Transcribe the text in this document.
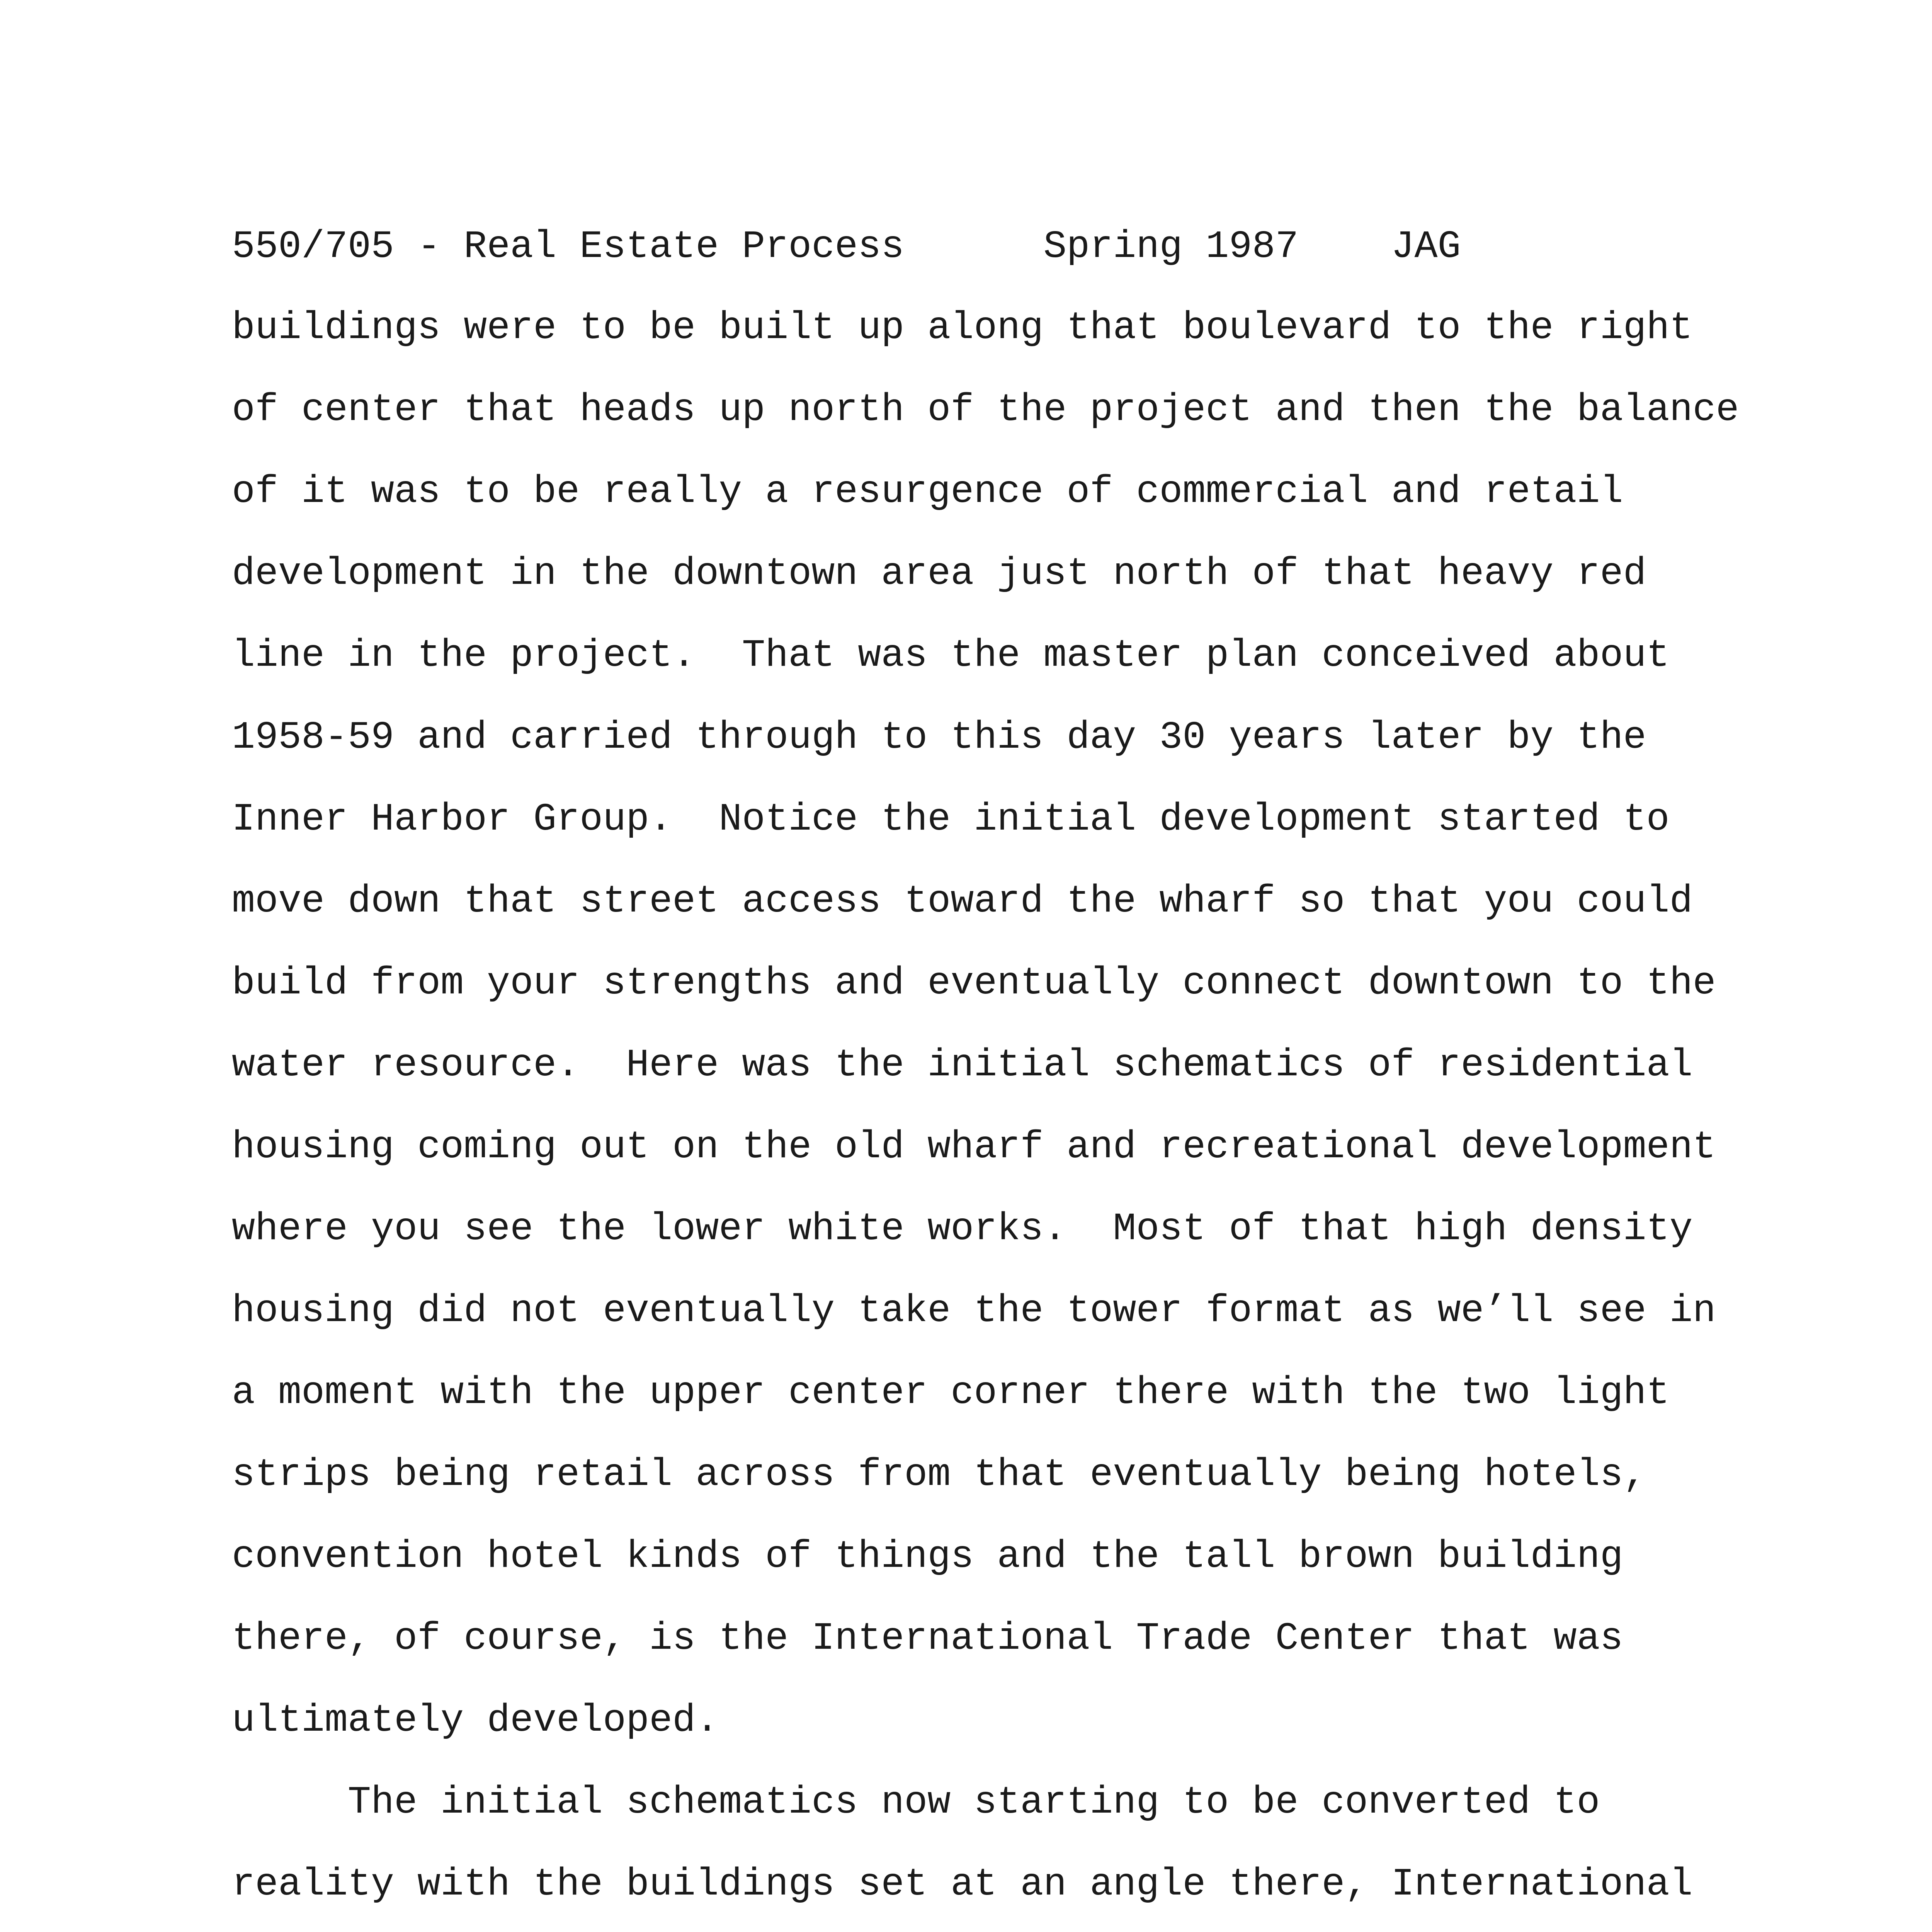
550/705 - Real Estate Process      Spring 1987    JAG
buildings were to be built up along that boulevard to the right
of center that heads up north of the project and then the balance
of it was to be really a resurgence of commercial and retail
development in the downtown area just north of that heavy red
line in the project.  That was the master plan conceived about
1958-59 and carried through to this day 30 years later by the
Inner Harbor Group.  Notice the initial development started to
move down that street access toward the wharf so that you could
build from your strengths and eventually connect downtown to the
water resource.  Here was the initial schematics of residential
housing coming out on the old wharf and recreational development
where you see the lower white works.  Most of that high density
housing did not eventually take the tower format as we’ll see in
a moment with the upper center corner there with the two light
strips being retail across from that eventually being hotels,
convention hotel kinds of things and the tall brown building
there, of course, is the International Trade Center that was
ultimately developed.
The initial schematics now starting to be converted to
reality with the buildings set at an angle there, International
